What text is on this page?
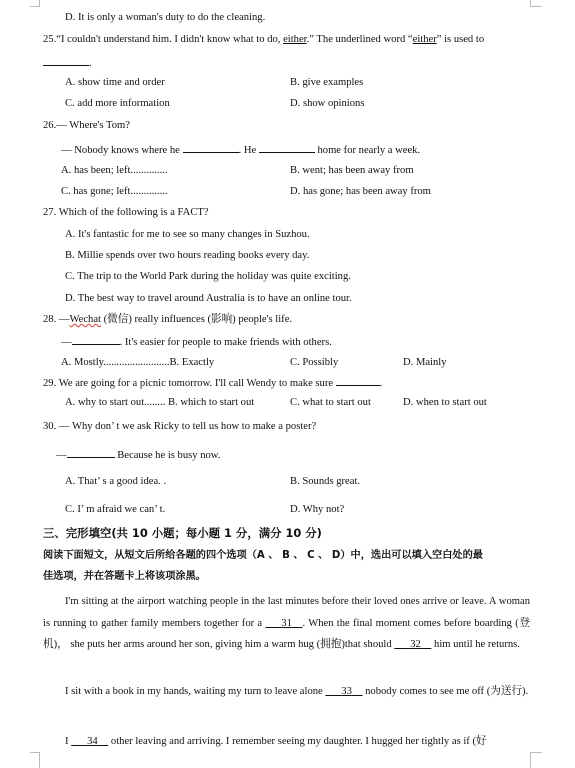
D. It is only a woman's duty to do the cleaning.
25.“I couldn't understand him. I didn't know what to do, either.” The underlined word “either” is used to
.
A. show time and order	B. give examples
C. add more information	D. show opinions
26.— Where's Tom?
— Nobody knows where he	. He	home for nearly a week.
A. has been; left..............	B. went; has been away from
C. has gone; left..............	D. has gone; has been away from
27. Which of the following is a FACT?
A. It's fantastic for me to see so many changes in Suzhou.
B. Millie spends over two hours reading books every day.
C. The trip to the World Park during the holiday was quite exciting.
D. The best way to travel around Australia is to have an online tour.
28. —Wechat (微信) really influences (影响) people's life.
—	. It's easier for people to make friends with others.
A. Mostly.........................B. Exactly	C. Possibly	D. Mainly
29. We are going for a picnic tomorrow. I'll call Wendy to make sure	.
A. why to start out........ B. which to start out	C. what to start out	D. when to start out
30. — Why don’ t we ask Ricky to tell us how to make a poster?
—	Because he is busy now.
A. That’ s a good idea. .	B. Sounds great.
C. I’ m afraid we can’ t.	D. Why not?
三、完形填空(共 10 小题；每小题 1 分，满分 10 分)
阅读下面短文，从短文后所给各题的四个选项（A 、 B 、 C 、 D）中，选出可以填入空白处的最
佳选项，并在答题卡上将该项涂黑。
I'm sitting at the airport watching people in the last minutes before their loved ones arrive or leave. A woman is running to gather family members together for a    31   . When the final moment comes before boarding (登机)， she puts her arms around her son, giving him a warm hug (拥抱)that should    32   him until he returns.
I sit with a book in my hands, waiting my turn to leave alone    33   nobody comes to see me off (为送行).
I    34   other leaving and arriving. I remember seeing my daughter. I hugged her tightly as if (好
